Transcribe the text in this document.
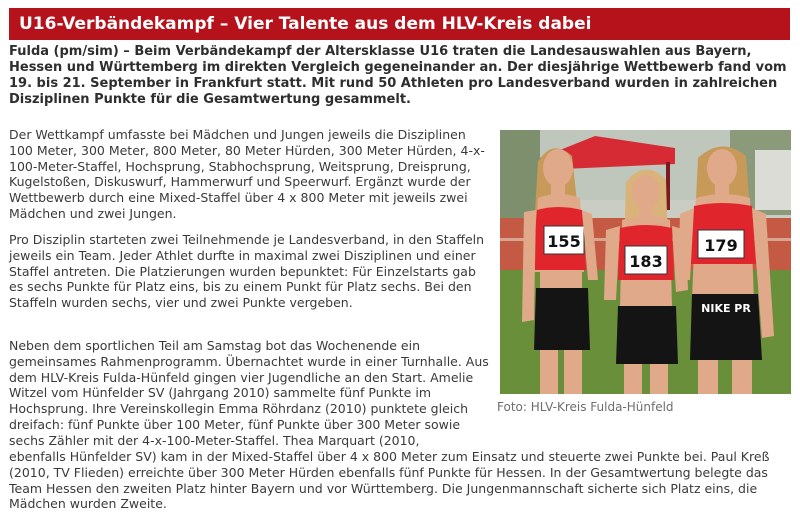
U16-Verbändekampf – Vier Talente aus dem HLV-Kreis dabei

Fulda (pm/sim) – Beim Verbändekampf der Altersklasse U16 traten die Landesauswahlen aus Bayern, Hessen und Württemberg im direkten Vergleich gegeneinander an. Der diesjährige Wettbewerb fand vom 19. bis 21. September in Frankfurt statt. Mit rund 50 Athleten pro Landesverband wurden in zahlreichen Disziplinen Punkte für die Gesamtwertung gesammelt.

Der Wettkampf umfasste bei Mädchen und Jungen jeweils die Disziplinen 100 Meter, 300 Meter, 800 Meter, 80 Meter Hürden, 300 Meter Hürden, 4-x-100-Meter-Staffel, Hochsprung, Stabhochsprung, Weitsprung, Dreisprung, Kugelstoßen, Diskuswurf, Hammerwurf und Speerwurf. Ergänzt wurde der Wettbewerb durch eine Mixed-Staffel über 4 x 800 Meter mit jeweils zwei Mädchen und zwei Jungen.

Pro Disziplin starteten zwei Teilnehmende je Landesverband, in den Staffeln jeweils ein Team. Jeder Athlet durfte in maximal zwei Disziplinen und einer Staffel antreten. Die Platzierungen wurden bepunktet: Für Einzelstarts gab es sechs Punkte für Platz eins, bis zu einem Punkt für Platz sechs. Bei den Staffeln wurden sechs, vier und zwei Punkte vergeben.

Neben dem sportlichen Teil am Samstag bot das Wochenende ein gemeinsames Rahmenprogramm. Übernachtet wurde in einer Turnhalle. Aus dem HLV-Kreis Fulda-Hünfeld gingen vier Jugendliche an den Start. Amelie Witzel vom Hünfelder SV (Jahrgang 2010) sammelte fünf Punkte im Hochsprung. Ihre Vereinskollegin Emma Röhrdanz (2010) punktete gleich dreifach: fünf Punkte über 100 Meter, fünf Punkte über 300 Meter sowie sechs Zähler mit der 4-x-100-Meter-Staffel. Thea Marquart (2010,

ebenfalls Hünfelder SV) kam in der Mixed-Staffel über 4 x 800 Meter zum Einsatz und steuerte zwei Punkte bei. Paul Kreß (2010, TV Flieden) erreichte über 300 Meter Hürden ebenfalls fünf Punkte für Hessen. In der Gesamtwertung belegte das Team Hessen den zweiten Platz hinter Bayern und vor Württemberg. Die Jungenmannschaft sicherte sich Platz eins, die Mädchen wurden Zweite.

155
183
179
NIKE PR
Foto: HLV-Kreis Fulda-Hünfeld
